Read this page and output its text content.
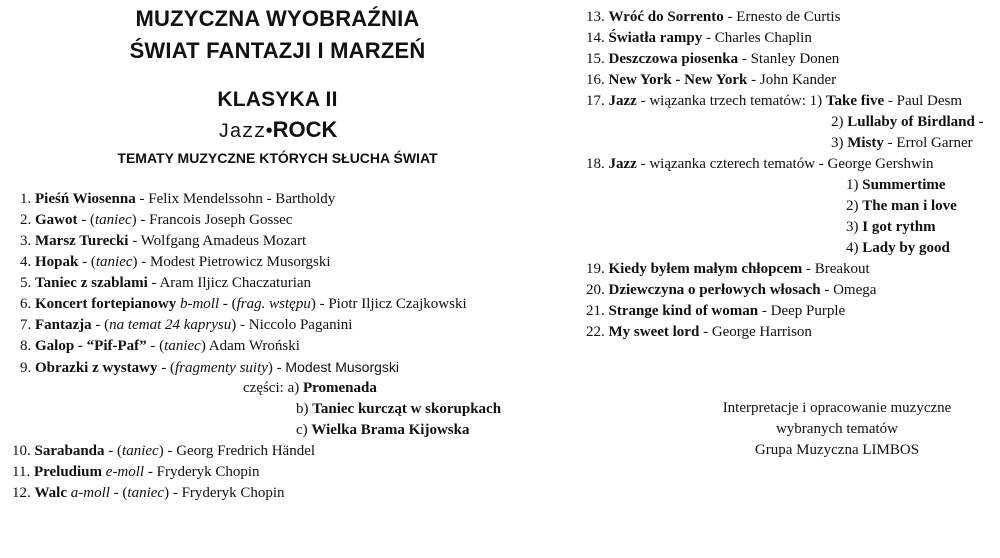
MUZYCZNA WYOBRAŹNIA
ŚWIAT FANTAZJI I MARZEŃ
KLASYKA II
Jazz•ROCK
TEMATY MUZYCZNE KTÓRYCH SŁUCHA ŚWIAT
1. Pieśń Wiosenna - Felix Mendelssohn - Bartholdy
2. Gawot - (taniec) - Francois Joseph Gossec
3. Marsz Turecki - Wolfgang Amadeus Mozart
4. Hopak - (taniec) - Modest Pietrowicz Musorgski
5. Taniec z szablami - Aram Iljicz Chaczaturian
6. Koncert fortepianowy b-moll - (frag. wstępu) - Piotr Iljicz Czajkowski
7. Fantazja - (na temat 24 kaprysu) - Niccolo Paganini
8. Galop - “Pif-Paf” - (taniec) Adam Wroński
9. Obrazki z wystawy - (fragmenty suity) - Modest Musorgski
części: a) Promenada
b) Taniec kurcząt w skorupkach
c) Wielka Brama Kijowska
10. Sarabanda - (taniec) - Georg Fredrich Händel
11. Preludium e-moll - Fryderyk Chopin
12. Walc a-moll - (taniec) - Fryderyk Chopin
13. Wróć do Sorrento - Ernesto de Curtis
14. Światła rampy - Charles Chaplin
15. Deszczowa piosenka - Stanley Donen
16. New York - New York - John Kander
17. Jazz - wiązanka trzech tematów: 1) Take five - Paul Desm
2) Lullaby of Birdland -
3) Misty - Errol Garner
18. Jazz - wiązanka czterech tematów - George Gershwin
1) Summertime
2) The man i love
3) I got rythm
4) Lady by good
19. Kiedy byłem małym chłopcem - Breakout
20. Dziewczyna o perłowych włosach - Omega
21. Strange kind of woman - Deep Purple
22. My sweet lord - George Harrison
Interpretacje i opracowanie muzyczne
wybranych tematów
Grupa Muzyczna LIMBOS
